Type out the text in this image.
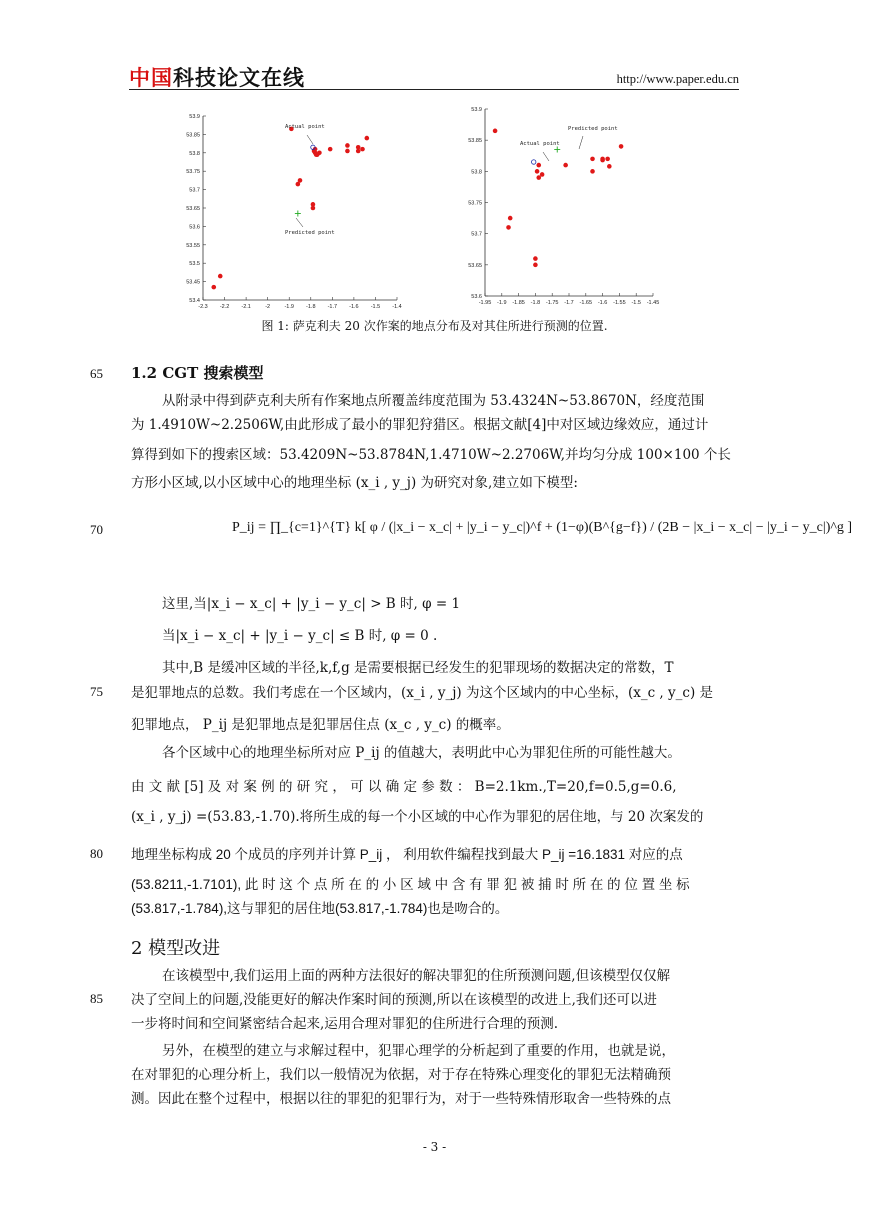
中国科技论文在线	http://www.paper.edu.cn
-2.3 -2.2 -2.1	-2	-1.9 -1.8 -1.7 -1.6 -1.5 -1.4
53.4
53.45
53.5
53.55
53.6
53.65
53.7
53.75
53.8
53.85
53.9
Actual point
Predicted point
-1.95 -1.9 -1.85 -1.8 -1.75 -1.7 -1.65 -1.6 -1.55 -1.5 -1.45
53.6
53.65
53.7
53.75
53.8
53.85
53.9
Actual point
Predicted point
图 1: 萨克利夫 20 次作案的地点分布及对其住所进行预测的位置.
65 1.2 CGT 搜索模型
从附录中得到萨克利夫所有作案地点所覆盖纬度范围为 53.4324N~53.8670N，经度范围
为 1.4910W~2.2506W,由此形成了最小的罪犯狩猎区。根据文献[4]中对区域边缘效应，通过计
算得到如下的搜索区域：53.4209N~53.8784N,1.4710W~2.2706W,并均匀分成 100×100 个长
方形小区域,以小区域中心的地理坐标 (x_i , y_j) 为研究对象,建立如下模型:
70	P_ij = ∏_{c=1}^{T} k[ φ / (|x_i − x_c| + |y_i − y_c|)^f + (1−φ)(B^{g−f}) / (2B − |x_i − x_c| − |y_i − y_c|)^g ]
这里,当|x_i − x_c| + |y_i − y_c| > B 时, φ = 1
当|x_i − x_c| + |y_i − y_c| ≤ B 时, φ = 0 .
其中,B 是缓冲区域的半径,k,f,g 是需要根据已经发生的犯罪现场的数据决定的常数，T
75 是犯罪地点的总数。我们考虑在一个区域内，(x_i , y_j) 为这个区域内的中心坐标，(x_c , y_c) 是
犯罪地点， P_ij 是犯罪地点是犯罪居住点 (x_c , y_c) 的概率。
各个区域中心的地理坐标所对应 P_ij 的值越大，表明此中心为罪犯住所的可能性越大。
由 文 献 [5] 及 对 案 例 的 研 究 ， 可 以 确 定 参 数 ： B=2.1km.,T=20,f=0.5,g=0.6,
(x_i , y_j) =(53.83,-1.70).将所生成的每一个小区域的中心作为罪犯的居住地，与 20 次案发的
80 地理坐标构成 20 个成员的序列并计算 P_ij ， 利用软件编程找到最大 P_ij =16.1831 对应的点
(53.8211,-1.7101), 此 时 这 个 点 所 在 的 小 区 域 中 含 有 罪 犯 被 捕 时 所 在 的 位 置 坐 标
(53.817,-1.784),这与罪犯的居住地(53.817,-1.784)也是吻合的。
2 模型改进
在该模型中,我们运用上面的两种方法很好的解决罪犯的住所预测问题,但该模型仅仅解
85 决了空间上的问题,没能更好的解决作案时间的预测,所以在该模型的改进上,我们还可以进
一步将时间和空间紧密结合起来,运用合理对罪犯的住所进行合理的预测.
另外，在模型的建立与求解过程中，犯罪心理学的分析起到了重要的作用，也就是说，
在对罪犯的心理分析上，我们以一般情况为依据，对于存在特殊心理变化的罪犯无法精确预
测。因此在整个过程中，根据以往的罪犯的犯罪行为，对于一些特殊情形取舍一些特殊的点
- 3 -
